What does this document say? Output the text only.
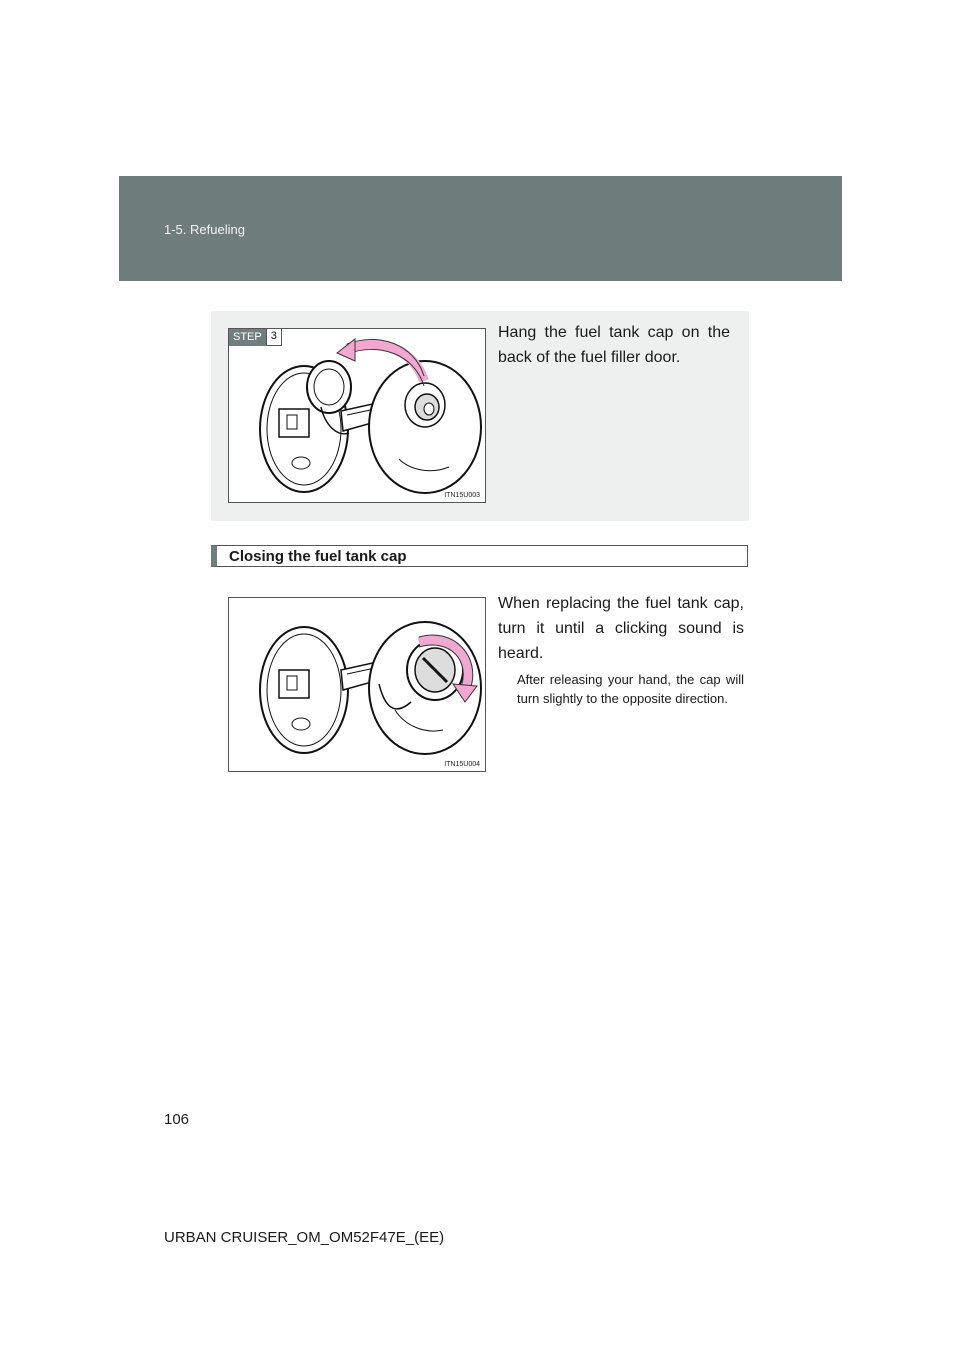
1-5. Refueling
STEP 3
ITN15U003
Hang the fuel tank cap on the back of the fuel filler door.
Closing the fuel tank cap
ITN15U004
When replacing the fuel tank cap, turn it until a clicking sound is heard.
After releasing your hand, the cap will turn slightly to the opposite direction.
106
URBAN CRUISER_OM_OM52F47E_(EE)
